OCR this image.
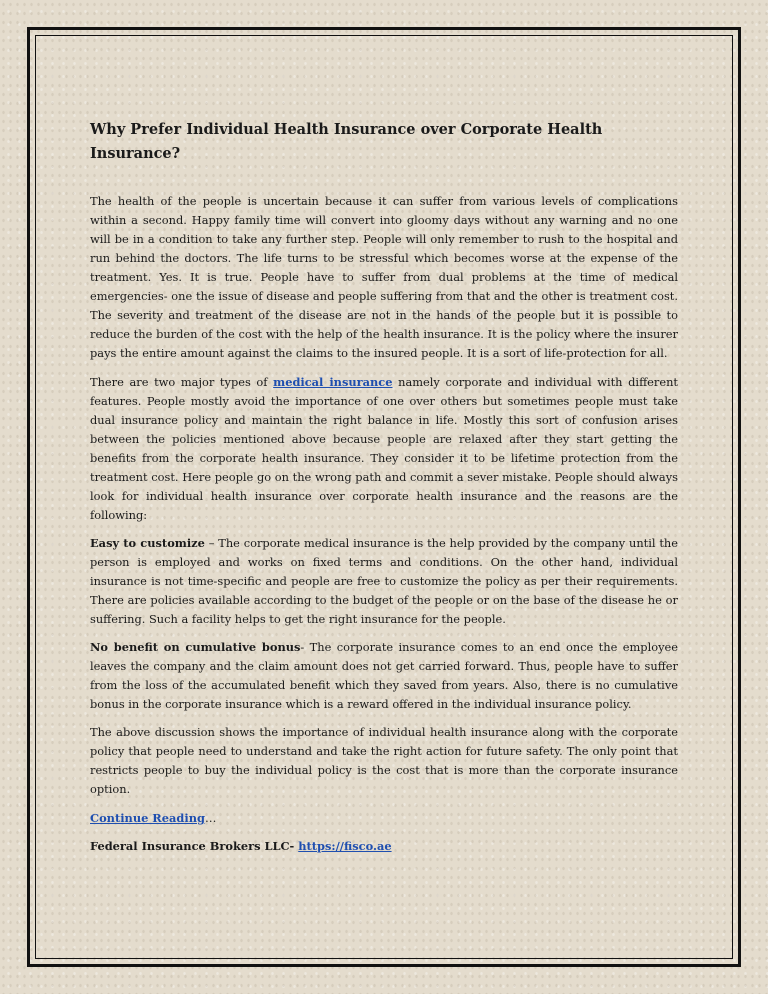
Why Prefer Individual Health Insurance over Corporate Health Insurance?

The health of the people is uncertain because it can suffer from various levels of complications within a second. Happy family time will convert into gloomy days without any warning and no one will be in a condition to take any further step. People will only remember to rush to the hospital and run behind the doctors. The life turns to be stressful which becomes worse at the expense of the treatment. Yes. It is true. People have to suffer from dual problems at the time of medical emergencies- one the issue of disease and people suffering from that and the other is treatment cost. The severity and treatment of the disease are not in the hands of the people but it is possible to reduce the burden of the cost with the help of the health insurance. It is the policy where the insurer pays the entire amount against the claims to the insured people. It is a sort of life-protection for all.

There are two major types of medical insurance namely corporate and individual with different features. People mostly avoid the importance of one over others but sometimes people must take dual insurance policy and maintain the right balance in life. Mostly this sort of confusion arises between the policies mentioned above because people are relaxed after they start getting the benefits from the corporate health insurance. They consider it to be lifetime protection from the treatment cost. Here people go on the wrong path and commit a sever mistake. People should always look for individual health insurance over corporate health insurance and the reasons are the following:

Easy to customize – The corporate medical insurance is the help provided by the company until the person is employed and works on fixed terms and conditions. On the other hand, individual insurance is not time-specific and people are free to customize the policy as per their requirements. There are policies available according to the budget of the people or on the base of the disease he or suffering. Such a facility helps to get the right insurance for the people.

No benefit on cumulative bonus- The corporate insurance comes to an end once the employee leaves the company and the claim amount does not get carried forward. Thus, people have to suffer from the loss of the accumulated benefit which they saved from years. Also, there is no cumulative bonus in the corporate insurance which is a reward offered in the individual insurance policy.

The above discussion shows the importance of individual health insurance along with the corporate policy that people need to understand and take the right action for future safety. The only point that restricts people to buy the individual policy is the cost that is more than the corporate insurance option.

Continue Reading…
Federal Insurance Brokers LLC- https://fisco.ae
